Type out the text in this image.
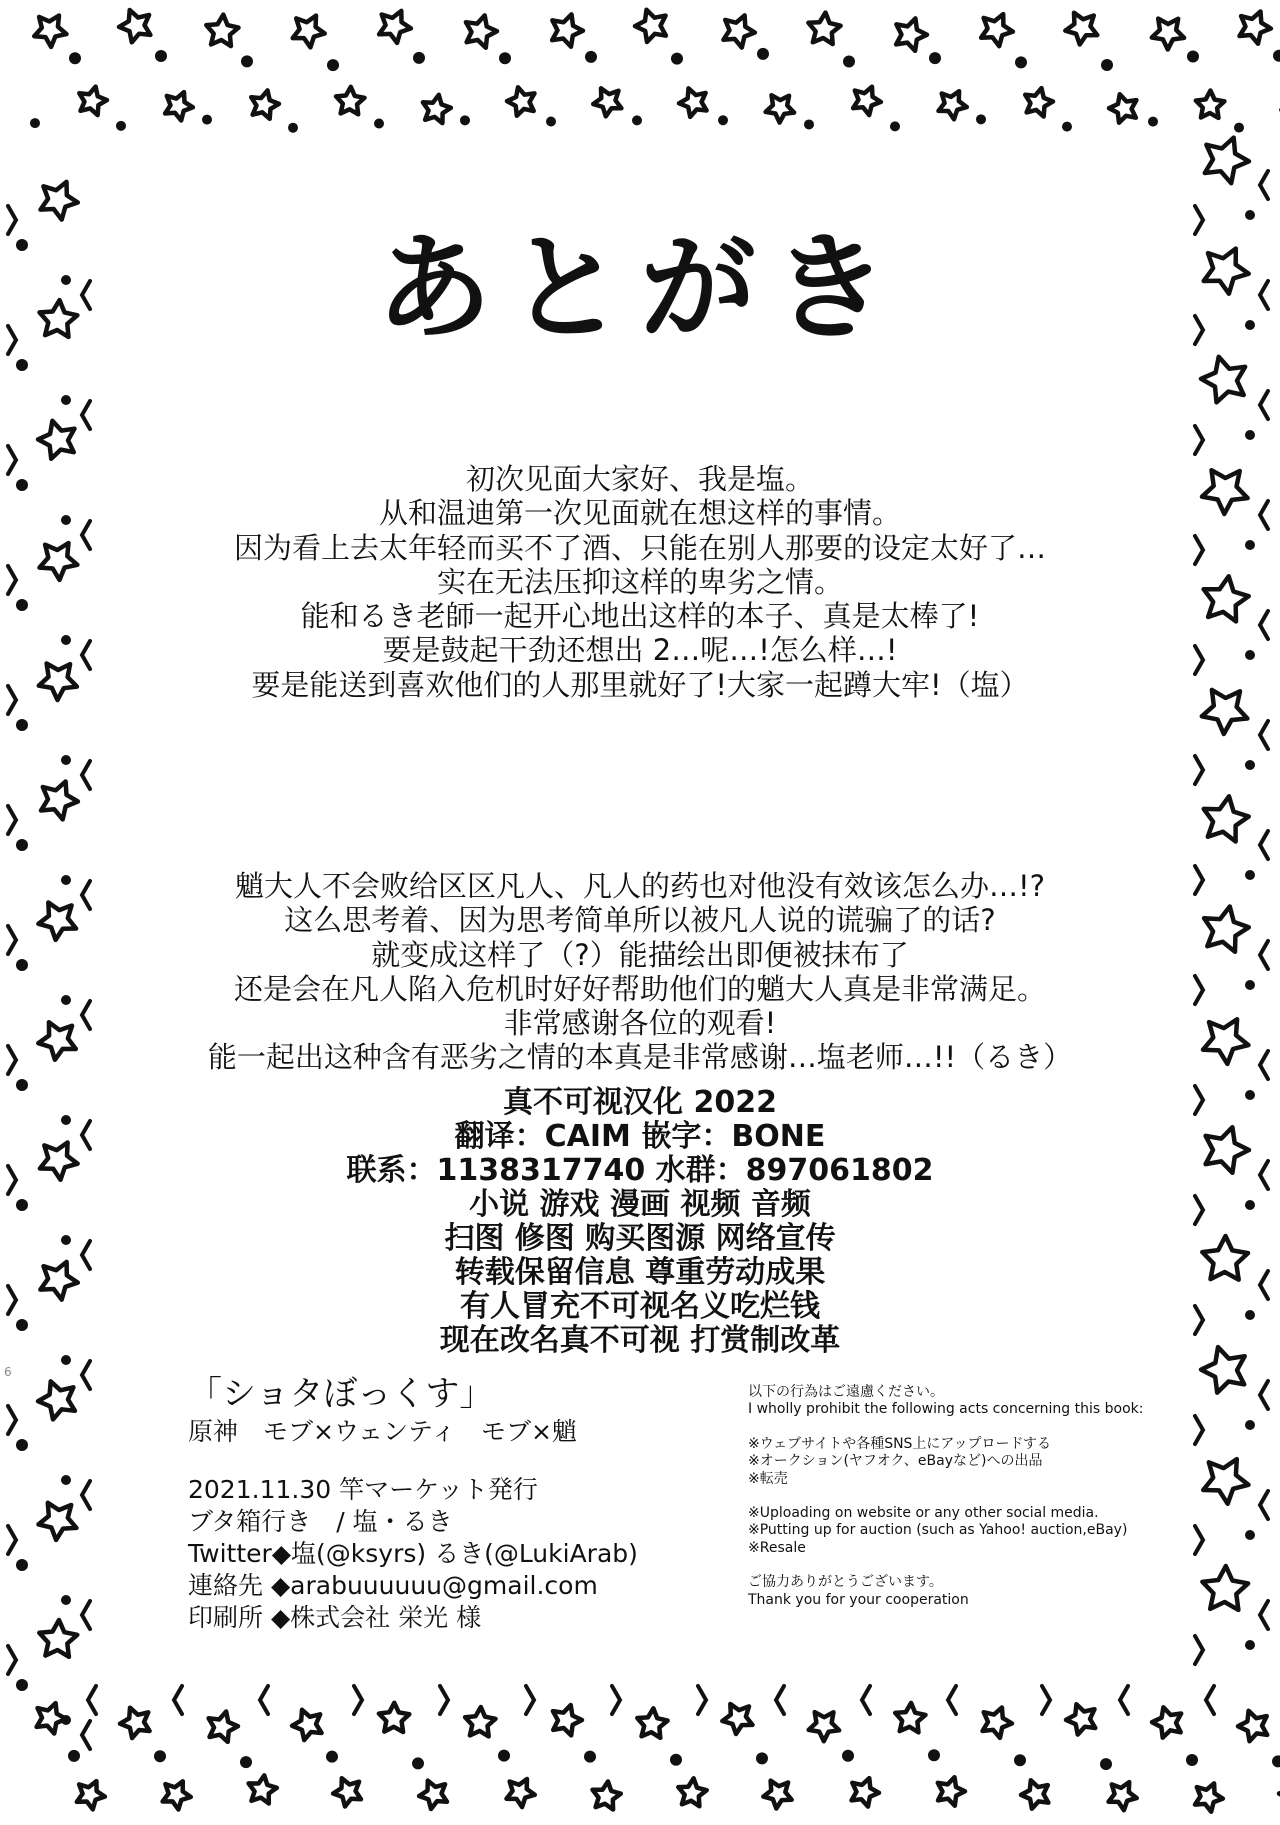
あとがき
初次见面大家好、我是塩。
从和温迪第一次见面就在想这样的事情。
因为看上去太年轻而买不了酒、只能在别人那要的设定太好了…
实在无法压抑这样的卑劣之情。
能和るき老師一起开心地出这样的本子、真是太棒了!
要是鼓起干劲还想出 2…呢…!怎么样…!
要是能送到喜欢他们的人那里就好了!大家一起蹲大牢!（塩）
魈大人不会败给区区凡人、凡人的药也对他没有效该怎么办…!?
这么思考着、因为思考简单所以被凡人说的谎骗了的话?
就变成这样了（?）能描绘出即便被抹布了
还是会在凡人陷入危机时好好帮助他们的魈大人真是非常满足。
非常感谢各位的观看!
能一起出这种含有恶劣之情的本真是非常感谢…塩老师…!!（るき）
真不可视汉化 2022
翻译：CAIM 嵌字：BONE
联系：1138317740 水群：897061802
小说 游戏 漫画 视频 音频
扫图 修图 购买图源 网络宣传
转载保留信息 尊重劳动成果
有人冒充不可视名义吃烂钱
现在改名真不可视 打赏制改革
「ショタぼっくす」
原神　モブ×ウェンティ　モブ×魈
2021.11.30 竿マーケット発行
ブタ箱行き　/ 塩・るき
Twitter◆塩(@ksyrs) るき(@LukiArab)
連絡先 ◆arabuuuuuu@gmail.com
印刷所 ◆株式会社 栄光 様
以下の行為はご遠慮ください。
I wholly prohibit the following acts concerning this book:
※ウェブサイトや各種SNS上にアップロードする
※オークション(ヤフオク、eBayなど)への出品
※転売
※Uploading on website or any other social media.
※Putting up for auction (such as Yahoo! auction,eBay)
※Resale
ご協力ありがとうございます。
Thank you for your cooperation
6
